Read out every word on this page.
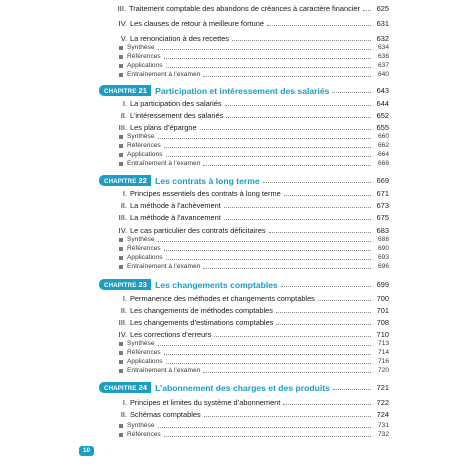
III. Traitement comptable des abandons de créances à caractère financier 625
IV. Les clauses de retour à meilleure fortune	631
V. La renonciation à des recettes	632
Synthèse	634
Références	636
Applications	637
Entraînement à l’examen	640
CHAPITRE 21 Participation et intéressement des salariés	643
I. La participation des salariés	644
II. L’intéressement des salariés	652
III. Les plans d’épargne	655
Synthèse	660
Références	662
Applications	664
Entraînement à l’examen	668
CHAPITRE 22 Les contrats à long terme	669
I. Principes essentiels des contrats à long terme	671
II. La méthode à l’achèvement	673
III. La méthode à l’avancement	675
IV. Le cas particulier des contrats déficitaires	683
Synthèse	688
Références	690
Applications	693
Entraînement à l’examen	696
CHAPITRE 23 Les changements comptables	699
I. Permanence des méthodes et changements comptables	700
II. Les changements de méthodes comptables	701
III. Les changements d’estimations comptables	708
IV. Les corrections d’erreurs	710
Synthèse	713
Références	714
Applications	716
Entraînement à l’examen	720
CHAPITRE 24 L’abonnement des charges et des produits	721
I. Principes et limites du système d’abonnement	722
II. Schémas comptables	724
Synthèse	731
Références	732
10
